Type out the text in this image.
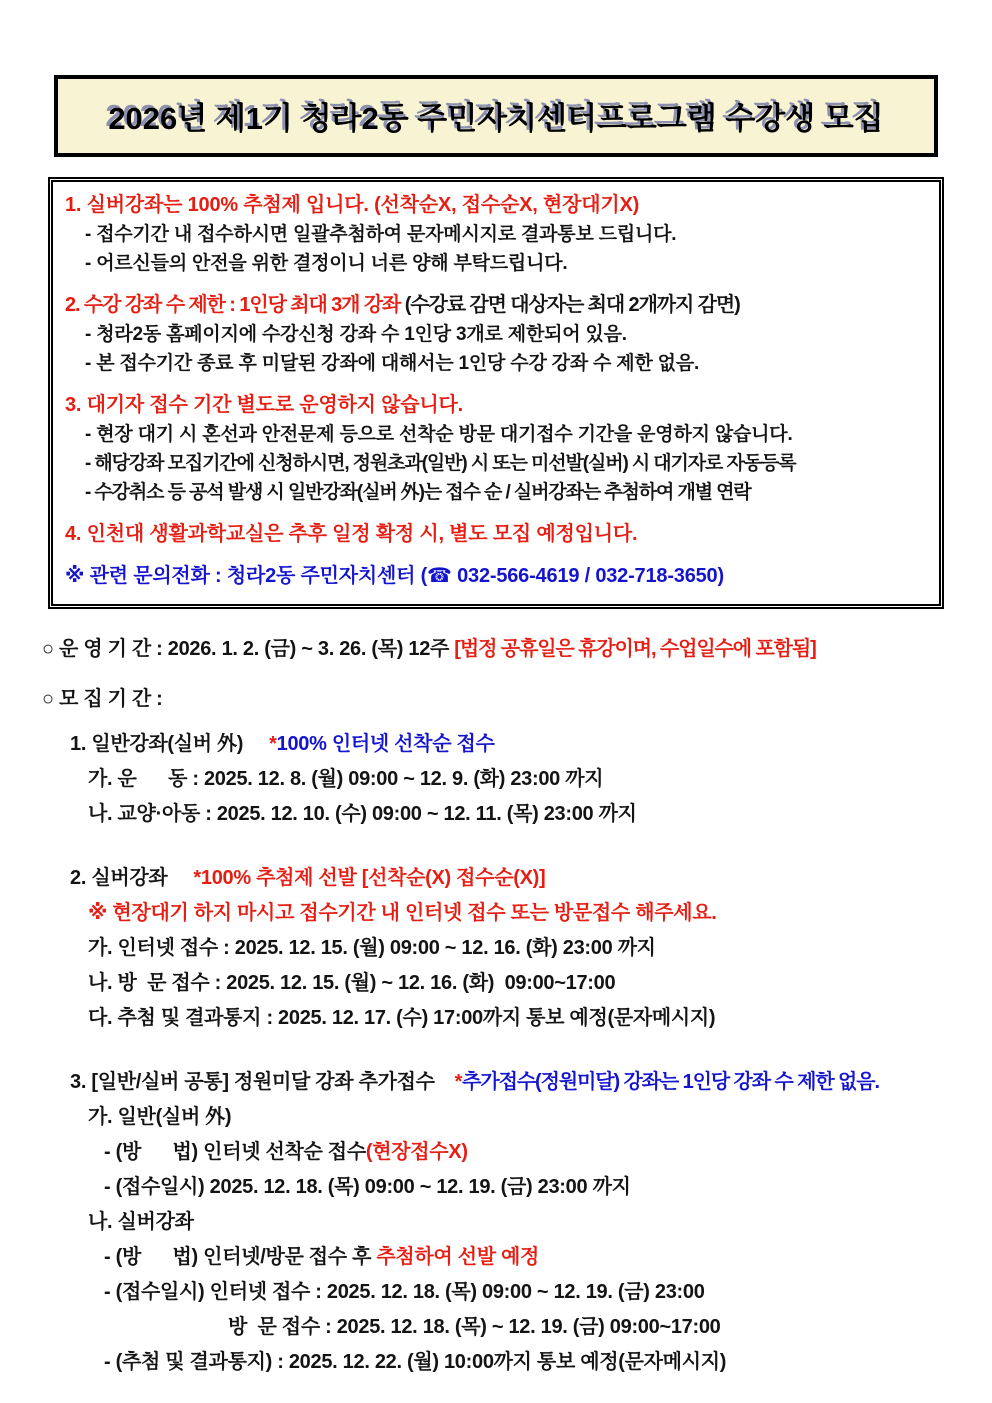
2026년 제1기 청라2동 주민자치센터프로그램 수강생 모집
1. 실버강좌는 100% 추첨제 입니다. (선착순X, 접수순X, 현장대기X)
- 접수기간 내 접수하시면 일괄추첨하여 문자메시지로 결과통보 드립니다.
- 어르신들의 안전을 위한 결정이니 너른 양해 부탁드립니다.
2. 수강 강좌 수 제한 : 1인당 최대 3개 강좌 (수강료 감면 대상자는 최대 2개까지 감면)
- 청라2동 홈페이지에 수강신청 강좌 수 1인당 3개로 제한되어 있음.
- 본 접수기간 종료 후 미달된 강좌에 대해서는 1인당 수강 강좌 수 제한 없음.
3. 대기자 접수 기간 별도로 운영하지 않습니다.
- 현장 대기 시 혼선과 안전문제 등으로 선착순 방문 대기접수 기간을 운영하지 않습니다.
- 해당강좌 모집기간에 신청하시면, 정원초과(일반) 시 또는 미선발(실버) 시 대기자로 자동등록
- 수강취소 등 공석 발생 시 일반강좌(실버 外)는 접수 순 / 실버강좌는 추첨하여 개별 연락
4. 인천대 생활과학교실은 추후 일정 확정 시, 별도 모집 예정입니다.
※ 관련 문의전화 : 청라2동 주민자치센터 (☎ 032-566-4619 / 032-718-3650)
○ 운 영 기 간 : 2026. 1. 2. (금) ~ 3. 26. (목) 12주 [법정 공휴일은 휴강이며, 수업일수에 포함됨]
○ 모 집 기 간 :
1. 일반강좌(실버 外) *100% 인터넷 선착순 접수
가. 운      동 : 2025. 12. 8. (월) 09:00 ~ 12. 9. (화) 23:00 까지
나. 교양·아동 : 2025. 12. 10. (수) 09:00 ~ 12. 11. (목) 23:00 까지
2. 실버강좌 *100% 추첨제 선발 [선착순(X) 접수순(X)]
※ 현장대기 하지 마시고 접수기간 내 인터넷 접수 또는 방문접수 해주세요.
가. 인터넷 접수 : 2025. 12. 15. (월) 09:00 ~ 12. 16. (화) 23:00 까지
나. 방  문 접수 : 2025. 12. 15. (월) ~ 12. 16. (화)  09:00~17:00
다. 추첨 및 결과통지 : 2025. 12. 17. (수) 17:00까지 통보 예정(문자메시지)
3. [일반/실버 공통] 정원미달 강좌 추가접수 *추가접수(정원미달) 강좌는 1인당 강좌 수 제한 없음.
가. 일반(실버 外)
- (방      법) 인터넷 선착순 접수(현장접수X)
- (접수일시) 2025. 12. 18. (목) 09:00 ~ 12. 19. (금) 23:00 까지
나. 실버강좌
- (방      법) 인터넷/방문 접수 후 추첨하여 선발 예정
- (접수일시) 인터넷 접수 : 2025. 12. 18. (목) 09:00 ~ 12. 19. (금) 23:00
방  문 접수 : 2025. 12. 18. (목) ~ 12. 19. (금) 09:00~17:00
- (추첨 및 결과통지) : 2025. 12. 22. (월) 10:00까지 통보 예정(문자메시지)
